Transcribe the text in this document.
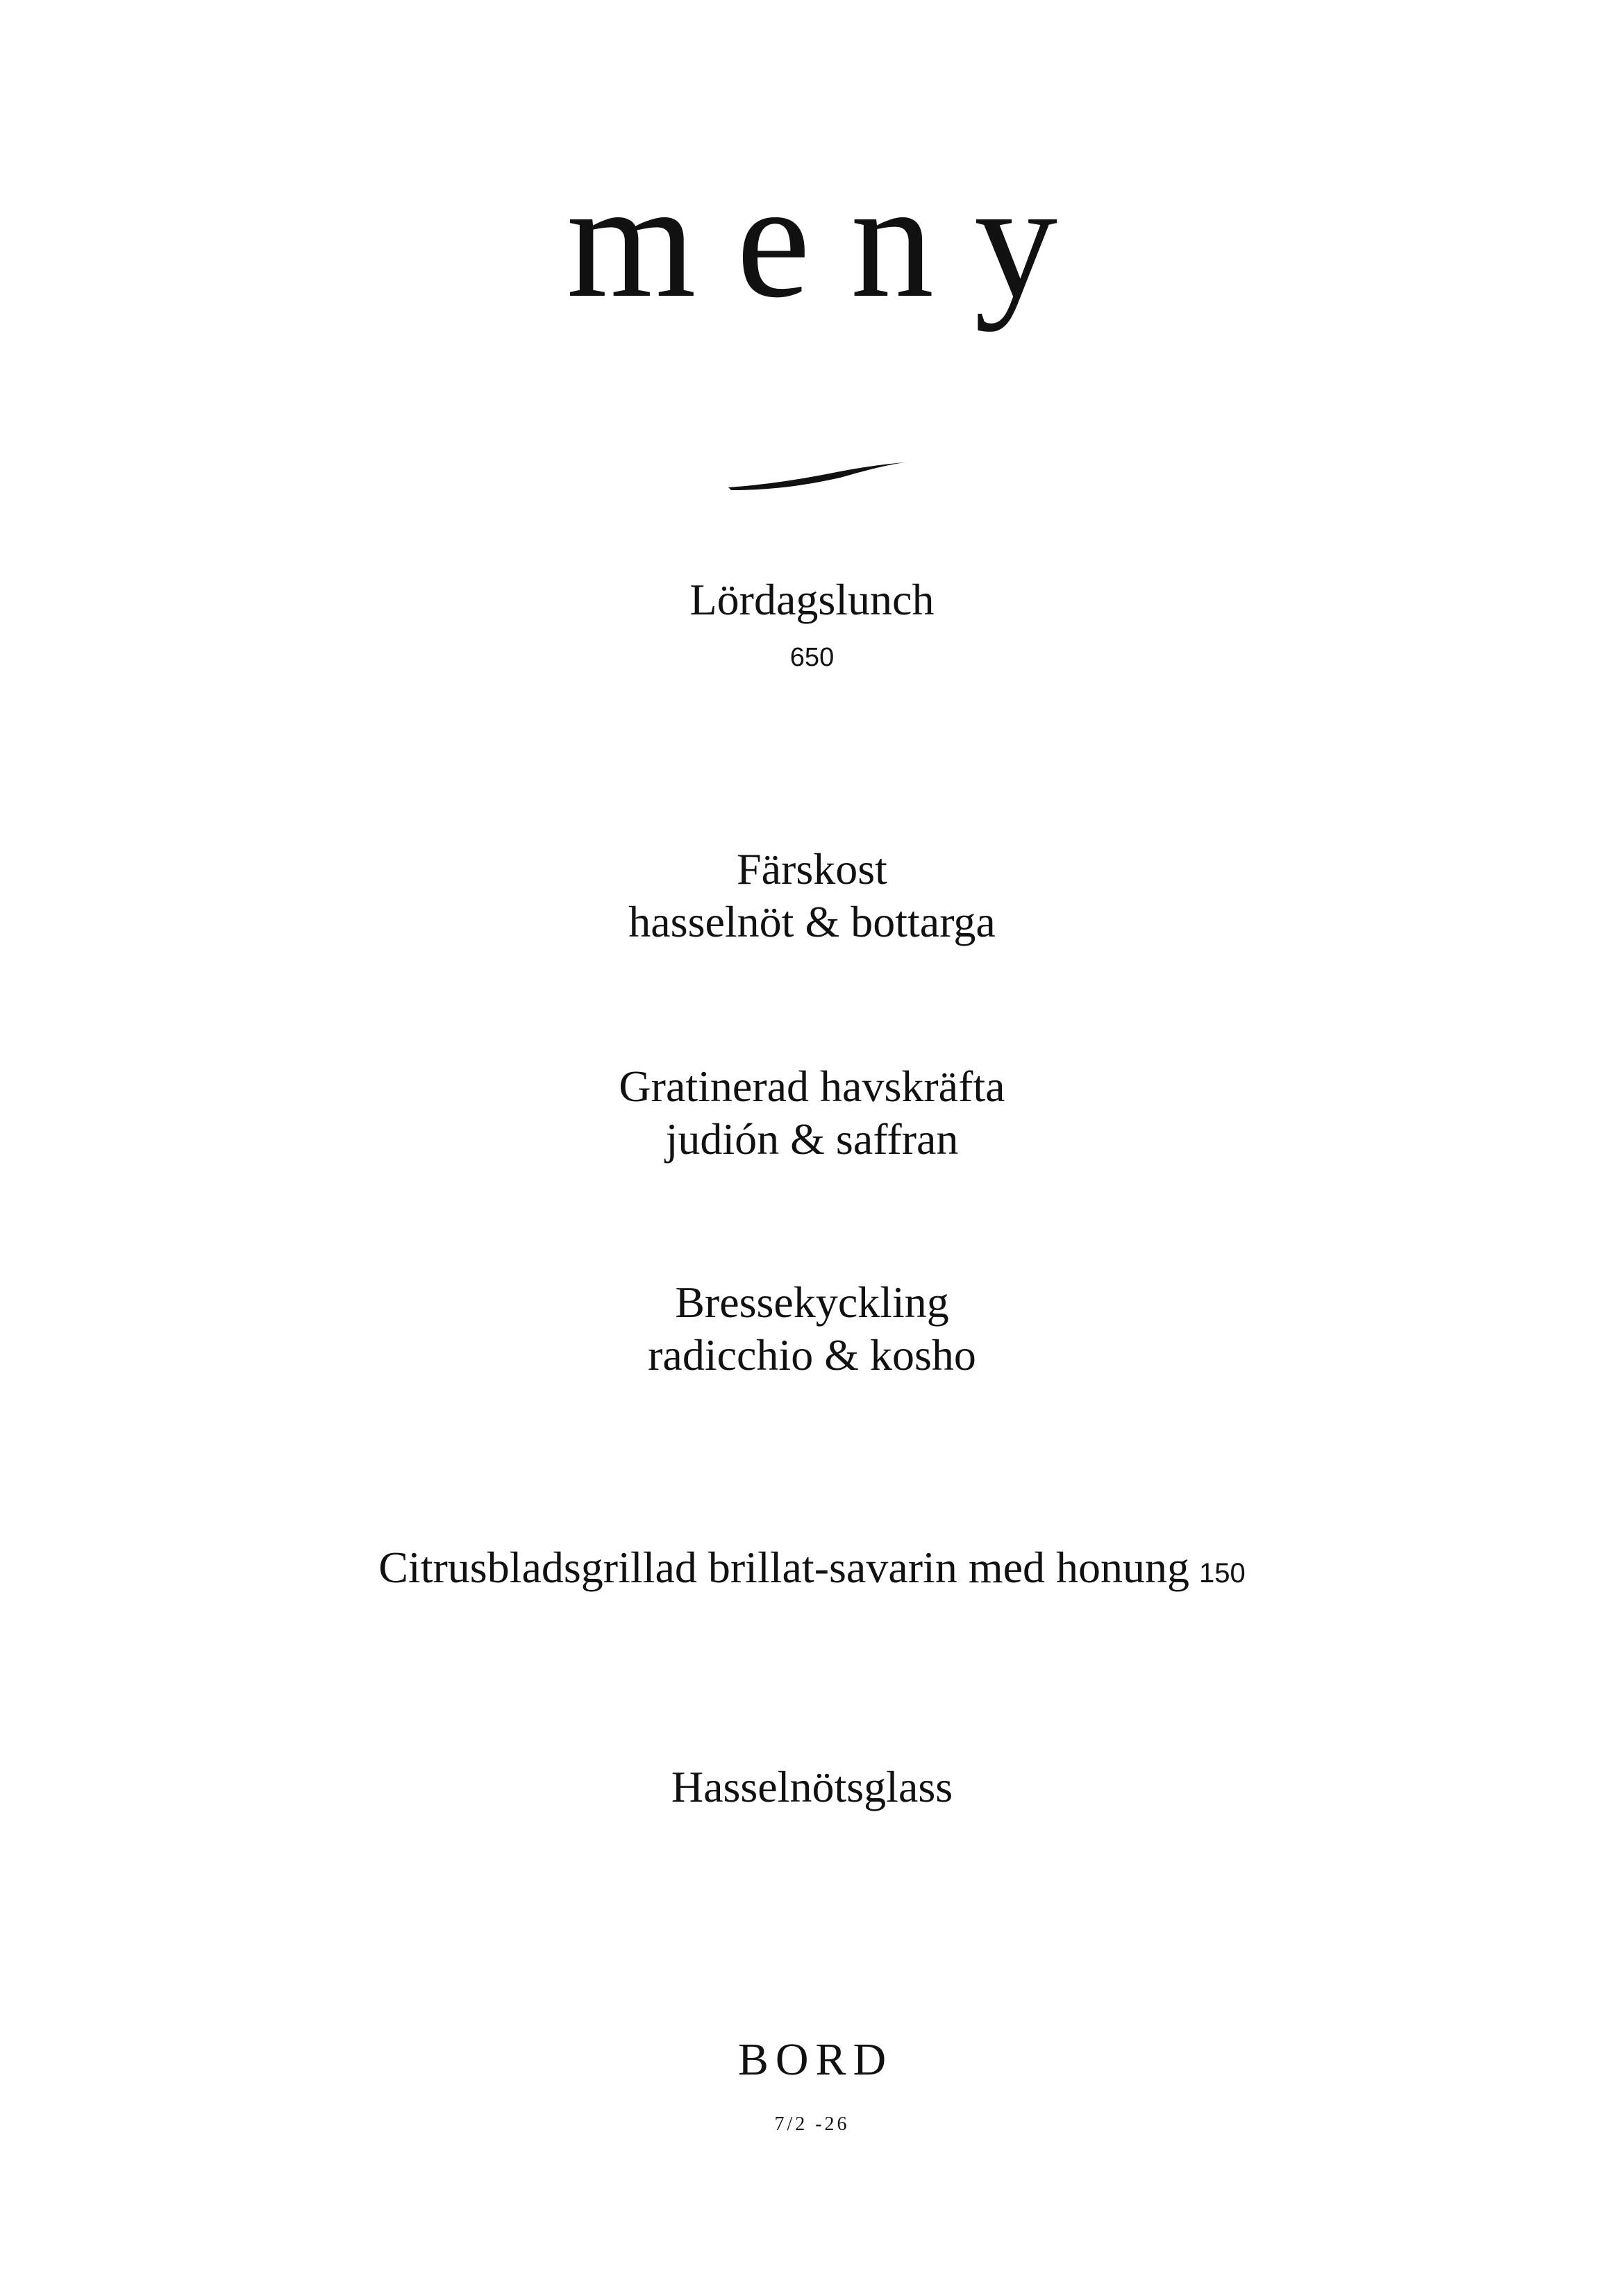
meny
Lördagslunch
650
Färskost
hasselnöt & bottarga
Gratinerad havskräfta
judión & saffran
Bressekyckling
radicchio & kosho
Citrusbladsgrillad brillat-savarin med honung 150
Hasselnötsglass
BORD
7/2 -26
